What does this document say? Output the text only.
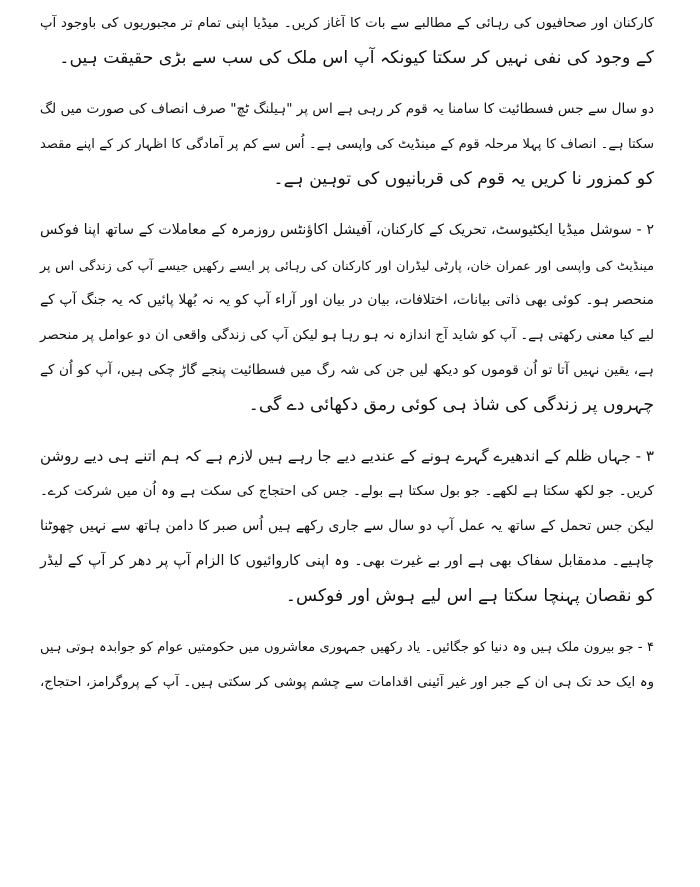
کارکنان اور صحافیوں کی رہائی کے مطالبے سے بات کا آغاز کریں۔ میڈیا اپنی تمام تر مجبوریوں کی باوجود آپ
کے وجود کی نفی نہیں کر سکتا کیونکہ آپ اس ملک کی سب سے بڑی حقیقت ہیں۔
دو سال سے جس فسطائیت کا سامنا یہ قوم کر رہی ہے اس پر "ہیلنگ ٹچ" صرف انصاف کی صورت میں لگ
سکتا ہے۔ انصاف کا پہلا مرحلہ قوم کے مینڈیٹ کی واپسی ہے۔ اُس سے کم پر آمادگی کا اظہار کر کے اپنے مقصد
کو کمزور نا کریں یہ قوم کی قربانیوں کی توہین ہے۔
۲ - سوشل میڈیا ایکٹیوسٹ، تحریک کے کارکنان، آفیشل اکاؤنٹس روزمرہ کے معاملات کے ساتھ اپنا فوکس
مینڈیٹ کی واپسی اور عمران خان، پارٹی لیڈران اور کارکنان کی رہائی پر ایسے رکھیں جیسے آپ کی زندگی اس پر
منحصر ہو۔ کوئی بھی ذاتی بیانات، اختلافات، بیان در بیان اور آراء آپ کو یہ نہ بُھلا پائیں کہ یہ جنگ آپ کے
لیے کیا معنی رکھتی ہے۔ آپ کو شاید آج اندازہ نہ ہو رہا ہو لیکن آپ کی زندگی واقعی ان دو عوامل پر منحصر
ہے، یقین نہیں آتا تو اُن قوموں کو دیکھ لیں جن کی شہ رگ میں فسطائیت پنجے گاڑ چکی ہیں، آپ کو اُن کے
چہروں پر زندگی کی شاذ ہی کوئی رمق دکھائی دے گی۔
۳ - جہاں ظلم کے اندھیرے گہرے ہونے کے عندیے دیے جا رہے ہیں لازم ہے کہ ہم اتنے ہی دیے روشن
کریں۔ جو لکھ سکتا ہے لکھے۔ جو بول سکتا ہے بولے۔ جس کی احتجاج کی سکت ہے وہ اُن میں شرکت کرے۔
لیکن جس تحمل کے ساتھ یہ عمل آپ دو سال سے جاری رکھے ہیں اُس صبر کا دامن ہاتھ سے نہیں چھوٹنا
چاہیے۔ مدمقابل سفاک بھی ہے اور بے غیرت بھی۔ وہ اپنی کاروائیوں کا الزام آپ پر دھر کر آپ کے لیڈر
کو نقصان پہنچا سکتا ہے اس لیے ہوش اور فوکس۔
۴ - جو بیرون ملک ہیں وہ دنیا کو جگائیں۔ یاد رکھیں جمہوری معاشروں میں حکومتیں عوام کو جوابدہ ہوتی ہیں
وہ ایک حد تک ہی ان کے جبر اور غیر آئینی اقدامات سے چشم پوشی کر سکتی ہیں۔ آپ کے پروگرامز، احتجاج،
